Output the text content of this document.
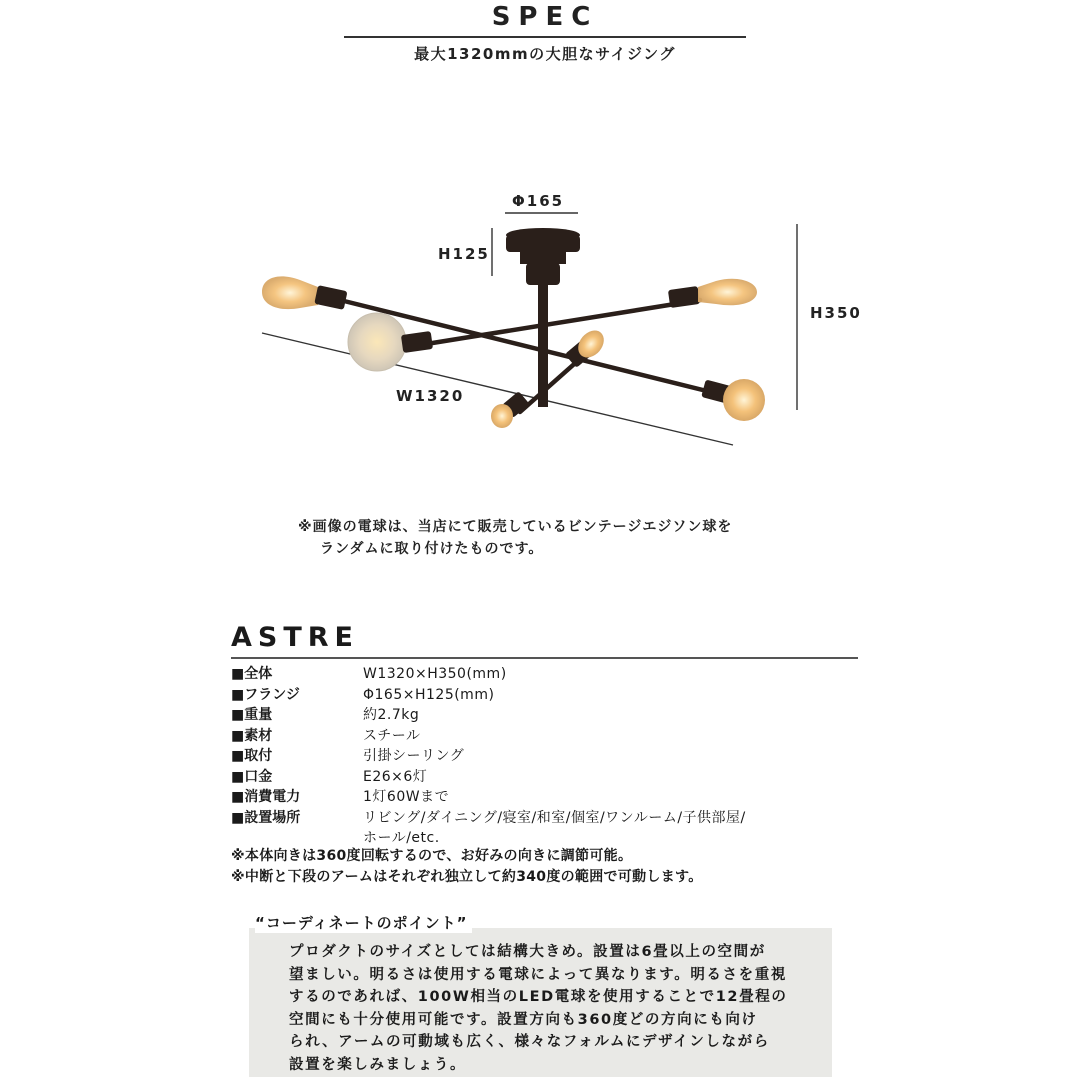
SPEC
最大1320mmの大胆なサイジング
Φ165
H125
H350
W1320
※画像の電球は、当店にて販売しているビンテージエジソン球を
ランダムに取り付けたものです。
ASTRE
■ 全体	W1320×H350(mm)
■ フランジ	Φ165×H125(mm)
■ 重量	約2.7kg
■ 素材	スチール
■ 取付	引掛シーリング
■ 口金	E26×6灯
■ 消費電力	1灯60Wまで
■ 設置場所	リビング/ダイニング/寝室/和室/個室/ワンルーム/子供部屋/
ホール/etc.
※本体向きは360度回転するので、お好みの向きに調節可能。
※中断と下段のアームはそれぞれ独立して約340度の範囲で可動します。
“コーディネートのポイント”
プロダクトのサイズとしては結構大きめ。設置は6畳以上の空間が
望ましい。明るさは使用する電球によって異なります。明るさを重視
するのであれば、100W相当のLED電球を使用することで12畳程の
空間にも十分使用可能です。設置方向も360度どの方向にも向け
られ、アームの可動域も広く、様々なフォルムにデザインしながら
設置を楽しみましょう。
